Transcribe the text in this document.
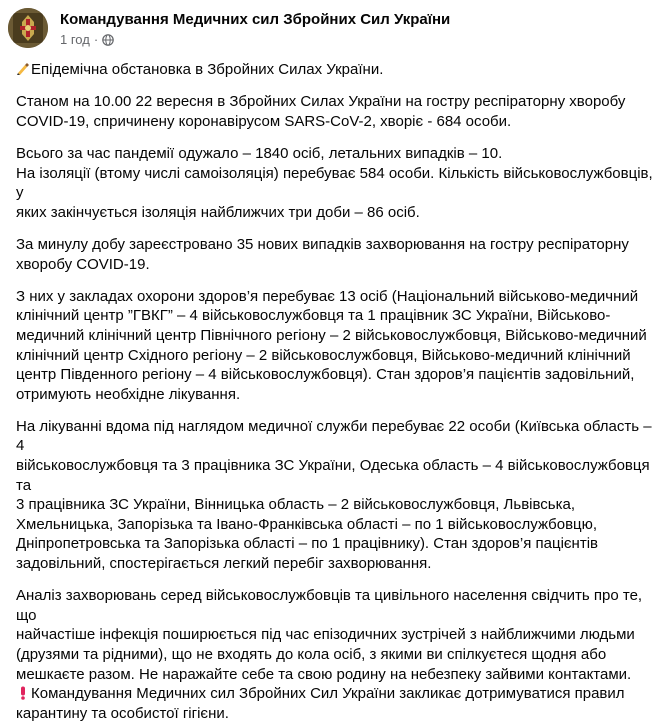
Командування Медичних сил Збройних Сил України
1 год ·

Епідемічна обстановка в Збройних Силах України.

Станом на 10.00 22 вересня в Збройних Силах України на гостру респіраторну хворобу
COVID-19, спричинену коронавірусом SARS-CoV-2, хворіє - 684 особи.

Всього за час пандемії одужало – 1840 осіб, летальних випадків – 10.
На ізоляції (втому числі самоізоляція) перебуває 584 особи. Кількість військовослужбовців, у
яких закінчується ізоляція найближчих три доби – 86 осіб.

За минулу добу зареєстровано 35 нових випадків захворювання на гостру респіраторну
хворобу COVID-19.

З них у закладах охорони здоров’я перебуває 13 осіб (Національний військово-медичний
клінічний центр ”ГВКГ” – 4 військовослужбовця та 1 працівник ЗС України, Військово-
медичний клінічний центр Північного регіону – 2 військовослужбовця, Військово-медичний
клінічний центр Східного регіону – 2 військовослужбовця, Військово-медичний клінічний
центр Південного регіону – 4 військовослужбовця). Стан здоров’я пацієнтів задовільний,
отримують необхідне лікування.

На лікуванні вдома під наглядом медичної служби перебуває 22 особи (Київська область – 4
військовослужбовця та 3 працівника ЗС України, Одеська область – 4 військовослужбовця та
3 працівника ЗС України, Вінницька область – 2 військовослужбовця, Львівська,
Хмельницька, Запорізька та Івано-Франківська області – по 1 військовослужбовцю,
Дніпропетровська та Запорізька області – по 1 працівнику). Стан здоров’я пацієнтів
задовільний, спостерігається легкий перебіг захворювання.

Аналіз захворювань серед військовослужбовців та цивільного населення свідчить про те, що
найчастіше інфекція поширюється під час епізодичних зустрічей з найближчими людьми
(друзями та рідними), що не входять до кола осіб, з якими ви спілкуєтеся щодня або
мешкаєте разом. Не наражайте себе та свою родину на небезпеку зайвими контактами.

Командування Медичних сил Збройних Сил України закликає дотримуватися правил
карантину та особистої гігієни.
